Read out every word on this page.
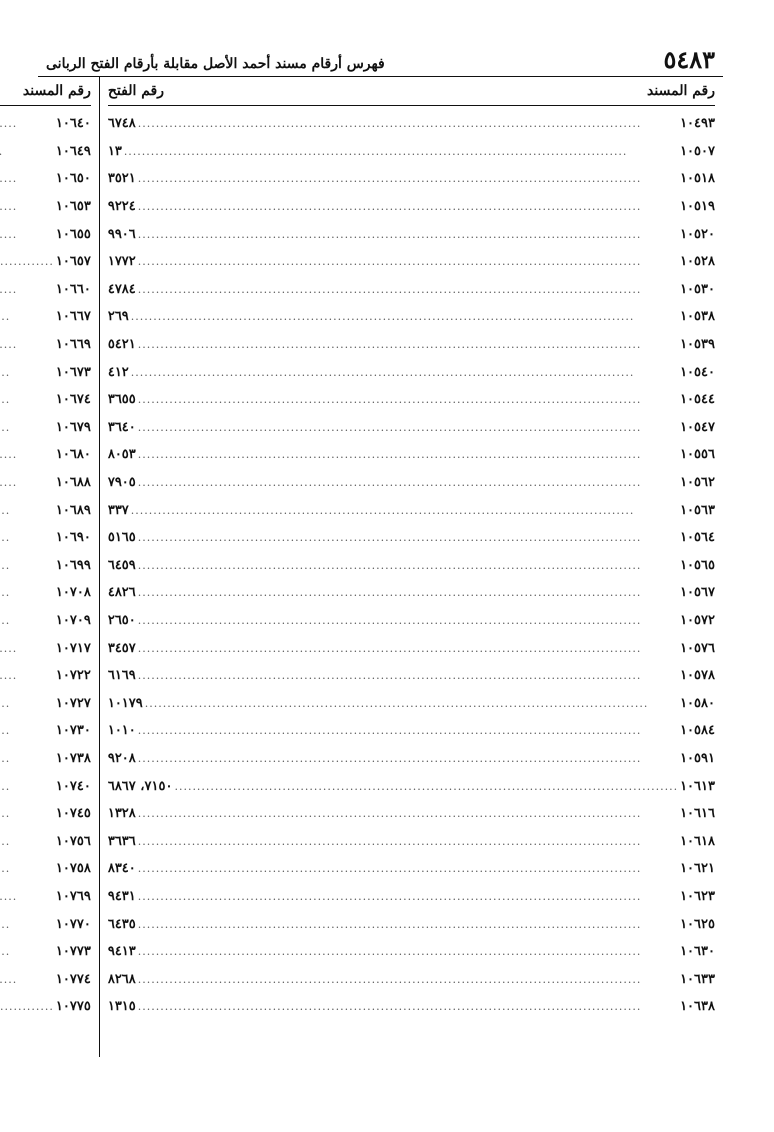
٥٤٨٣
فهرس أرقام مسند أحمد الأصل مقابلة بأرقام الفتح الربانى
رقم المسند
رقم الفتح
١٠٤٩٣
.....
٦٧٤٨
١٠٥٠٧
.....
١٣
١٠٥١٨
.....
٣٥٢١
١٠٥١٩
.....
٩٢٢٤
١٠٥٢٠
.....
٩٩٠٦
١٠٥٢٨
.....
١٧٧٢
١٠٥٣٠
.....
٤٧٨٤
١٠٥٣٨
.....
٢٦٩
١٠٥٣٩
.....
٥٤٢١
١٠٥٤٠
.....
٤١٢
١٠٥٤٤
.....
٣٦٥٥
١٠٥٤٧
.....
٣٦٤٠
١٠٥٥٦
.....
٨٠٥٣
١٠٥٦٢
.....
٧٩٠٥
١٠٥٦٣
.....
٣٣٧
١٠٥٦٤
.....
٥١٦٥
١٠٥٦٥
.....
٦٤٥٩
١٠٥٦٧
.....
٤٨٢٦
١٠٥٧٢
.....
٢٦٥٠
١٠٥٧٦
.....
٣٤٥٧
١٠٥٧٨
.....
٦١٦٩
١٠٥٨٠
.....
١٠١٧٩
١٠٥٨٤
.....
١٠١٠
١٠٥٩١
.....
٩٢٠٨
١٠٦١٣
.....
٧١٥٠، ٦٨٦٧
١٠٦١٦
.....
١٣٢٨
١٠٦١٨
.....
٣٦٣٦
١٠٦٢١
.....
٨٣٤٠
١٠٦٢٣
.....
٩٤٣١
١٠٦٢٥
.....
٦٤٣٥
١٠٦٣٠
.....
٩٤١٣
١٠٦٣٣
.....
٨٢٦٨
١٠٦٣٨
.....
١٣١٥
رقم المسند
١٠٦٤٠
.....
١٠٦٤٩
.....
١٠٦٥٠
.....
١٠٦٥٣
.....
١٠٦٥٥
.....
١٠٦٥٧
.....
١٠٦٦٠
.....
١٠٦٦٧
.....
١٠٦٦٩
.....
١٠٦٧٣
.....
١٠٦٧٤
.....
١٠٦٧٩
.....
١٠٦٨٠
.....
١٠٦٨٨
.....
١٠٦٨٩
.....
١٠٦٩٠
.....
١٠٦٩٩
.....
١٠٧٠٨
.....
١٠٧٠٩
.....
١٠٧١٧
.....
١٠٧٢٢
.....
١٠٧٢٧
.....
١٠٧٣٠
.....
١٠٧٣٨
.....
١٠٧٤٠
.....
١٠٧٤٥
.....
١٠٧٥٦
.....
١٠٧٥٨
.....
١٠٧٦٩
.....
١٠٧٧٠
.....
١٠٧٧٣
.....
١٠٧٧٤
.....
١٠٧٧٥
.....
